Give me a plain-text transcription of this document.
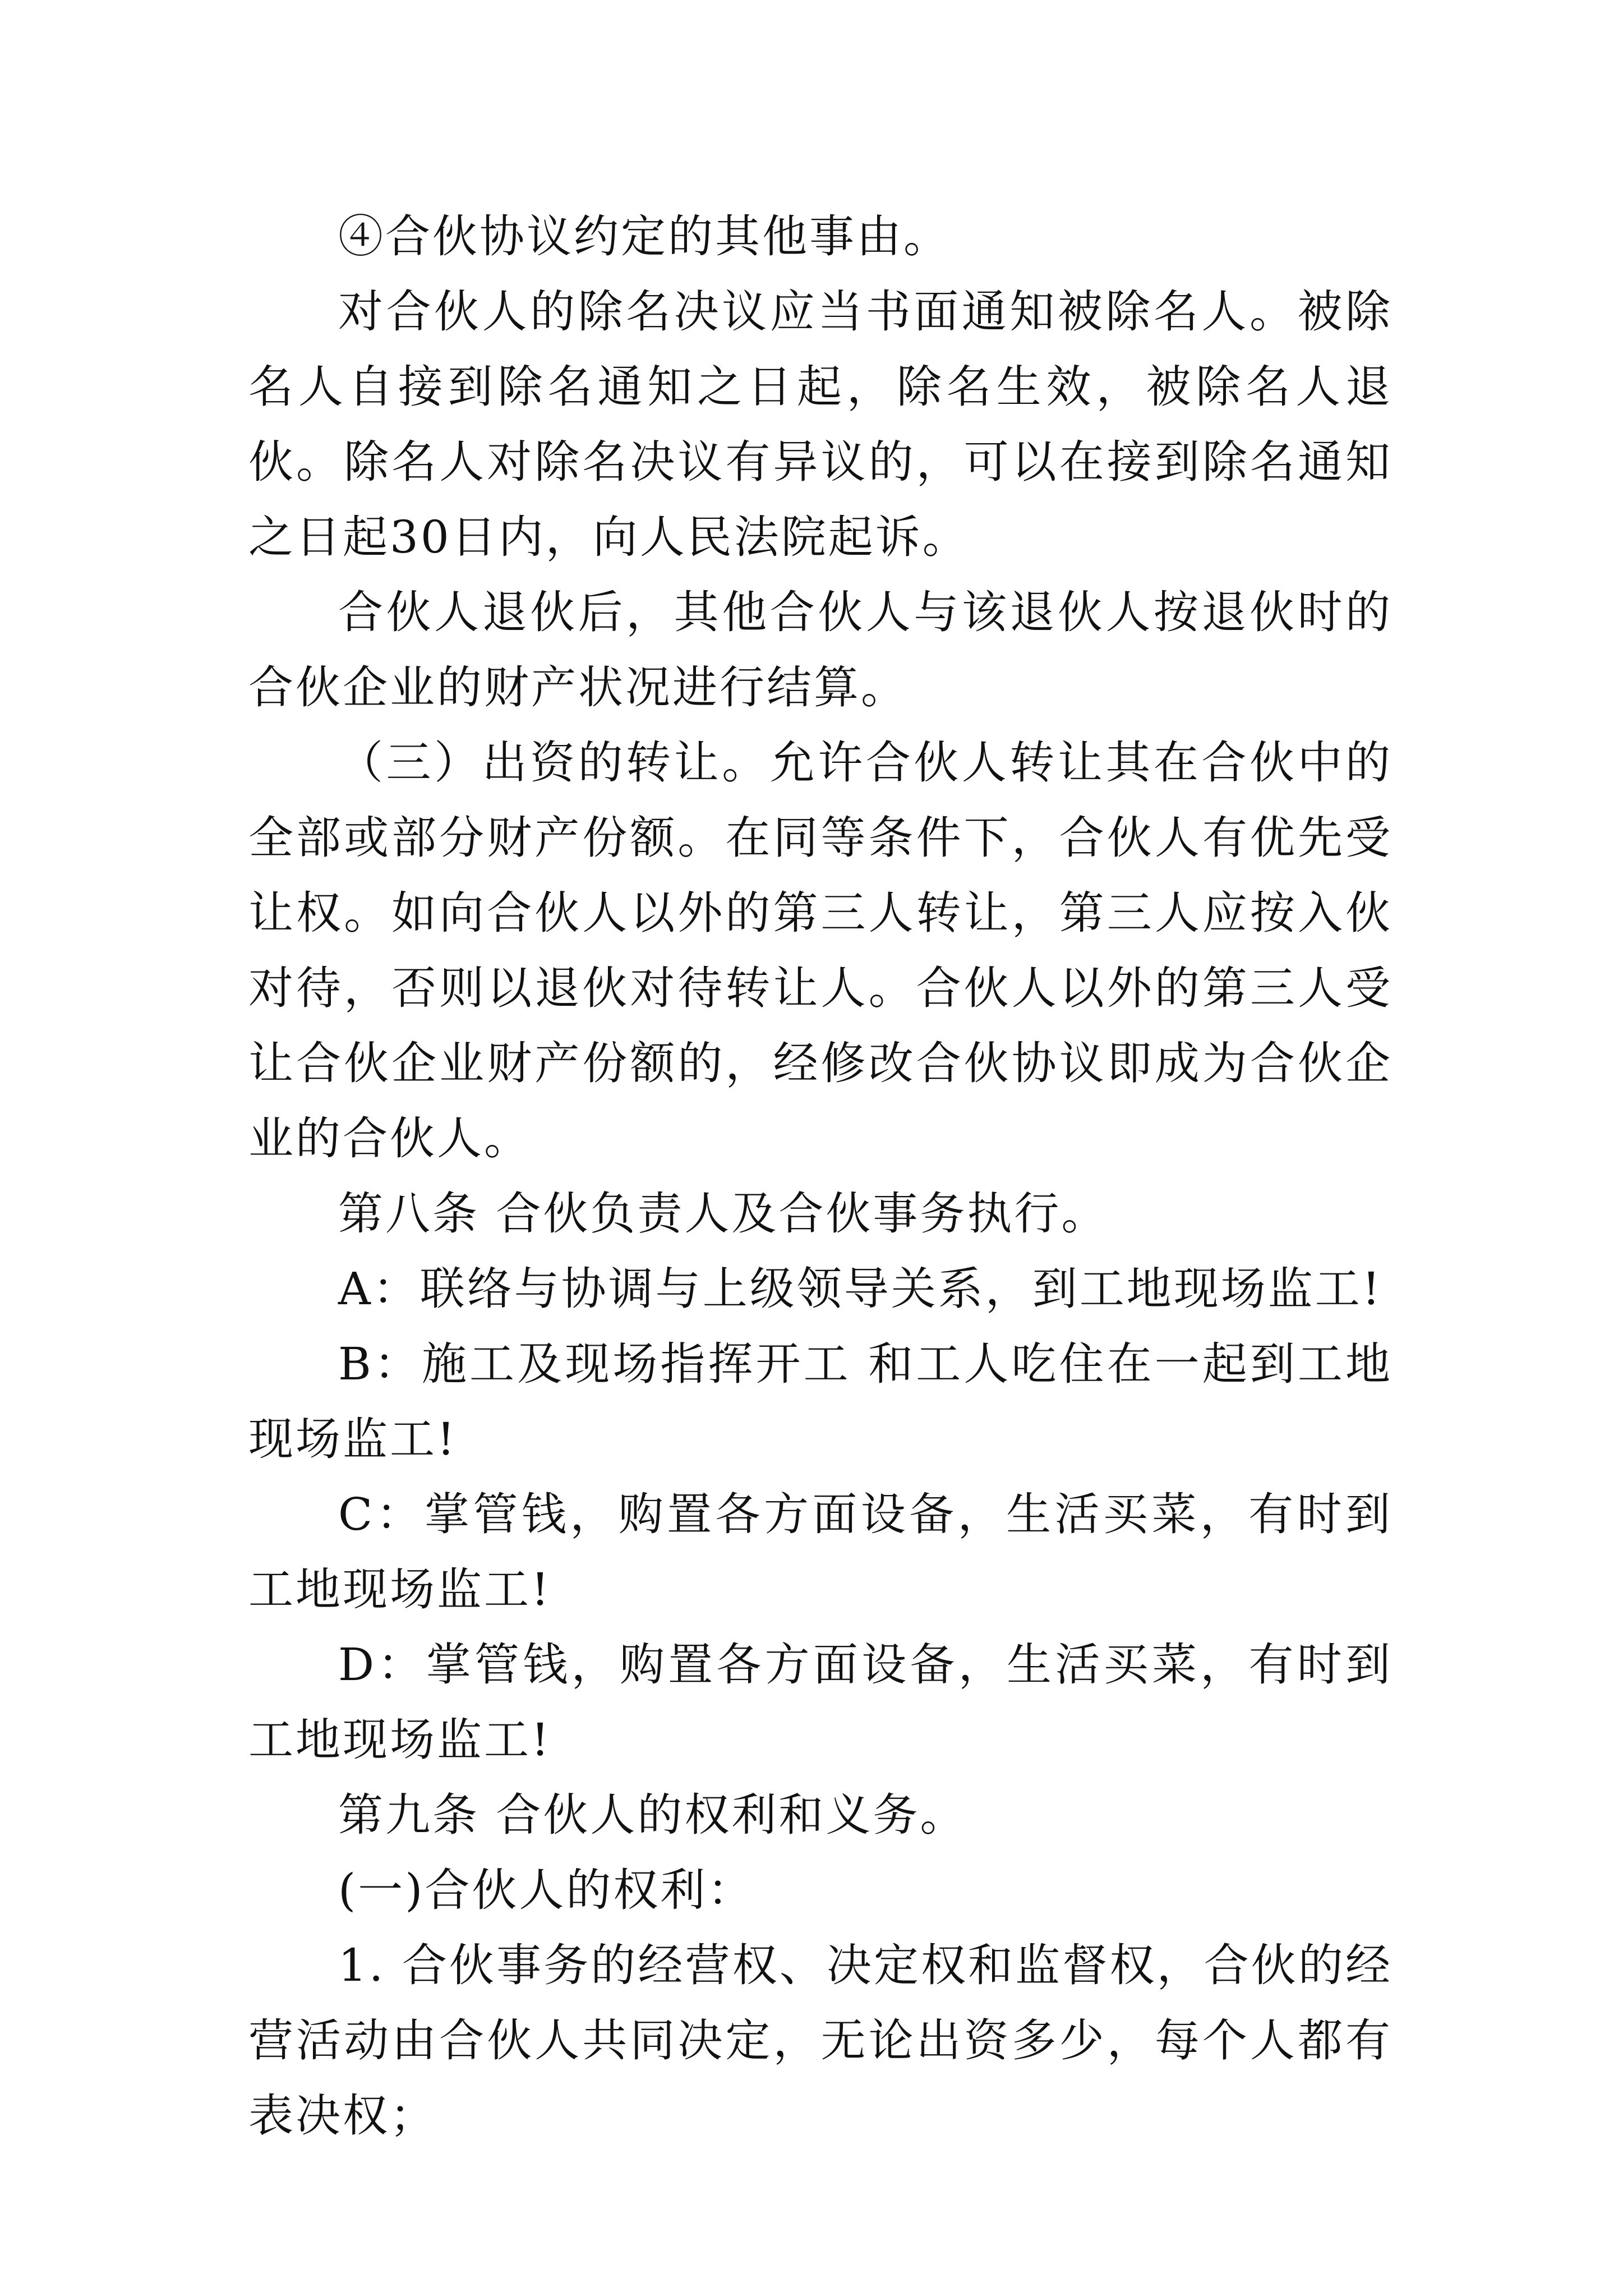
④合伙协议约定的其他事由。

对合伙人的除名决议应当书面通知被除名人。被除名人自接到除名通知之日起，除名生效，被除名人退伙。除名人对除名决议有异议的，可以在接到除名通知之日起30日内，向人民法院起诉。

合伙人退伙后，其他合伙人与该退伙人按退伙时的合伙企业的财产状况进行结算。

（三）出资的转让。允许合伙人转让其在合伙中的全部或部分财产份额。在同等条件下，合伙人有优先受让权。如向合伙人以外的第三人转让，第三人应按入伙对待，否则以退伙对待转让人。合伙人以外的第三人受让合伙企业财产份额的，经修改合伙协议即成为合伙企业的合伙人。

第八条 合伙负责人及合伙事务执行。

A：联络与协调与上级领导关系，到工地现场监工!

B：施工及现场指挥开工 和工人吃住在一起到工地现场监工!

C：掌管钱，购置各方面设备，生活买菜，有时到工地现场监工!

D：掌管钱，购置各方面设备，生活买菜，有时到工地现场监工!

第九条 合伙人的权利和义务。

(一)合伙人的权利：

1. 合伙事务的经营权、决定权和监督权，合伙的经营活动由合伙人共同决定，无论出资多少，每个人都有表决权；
